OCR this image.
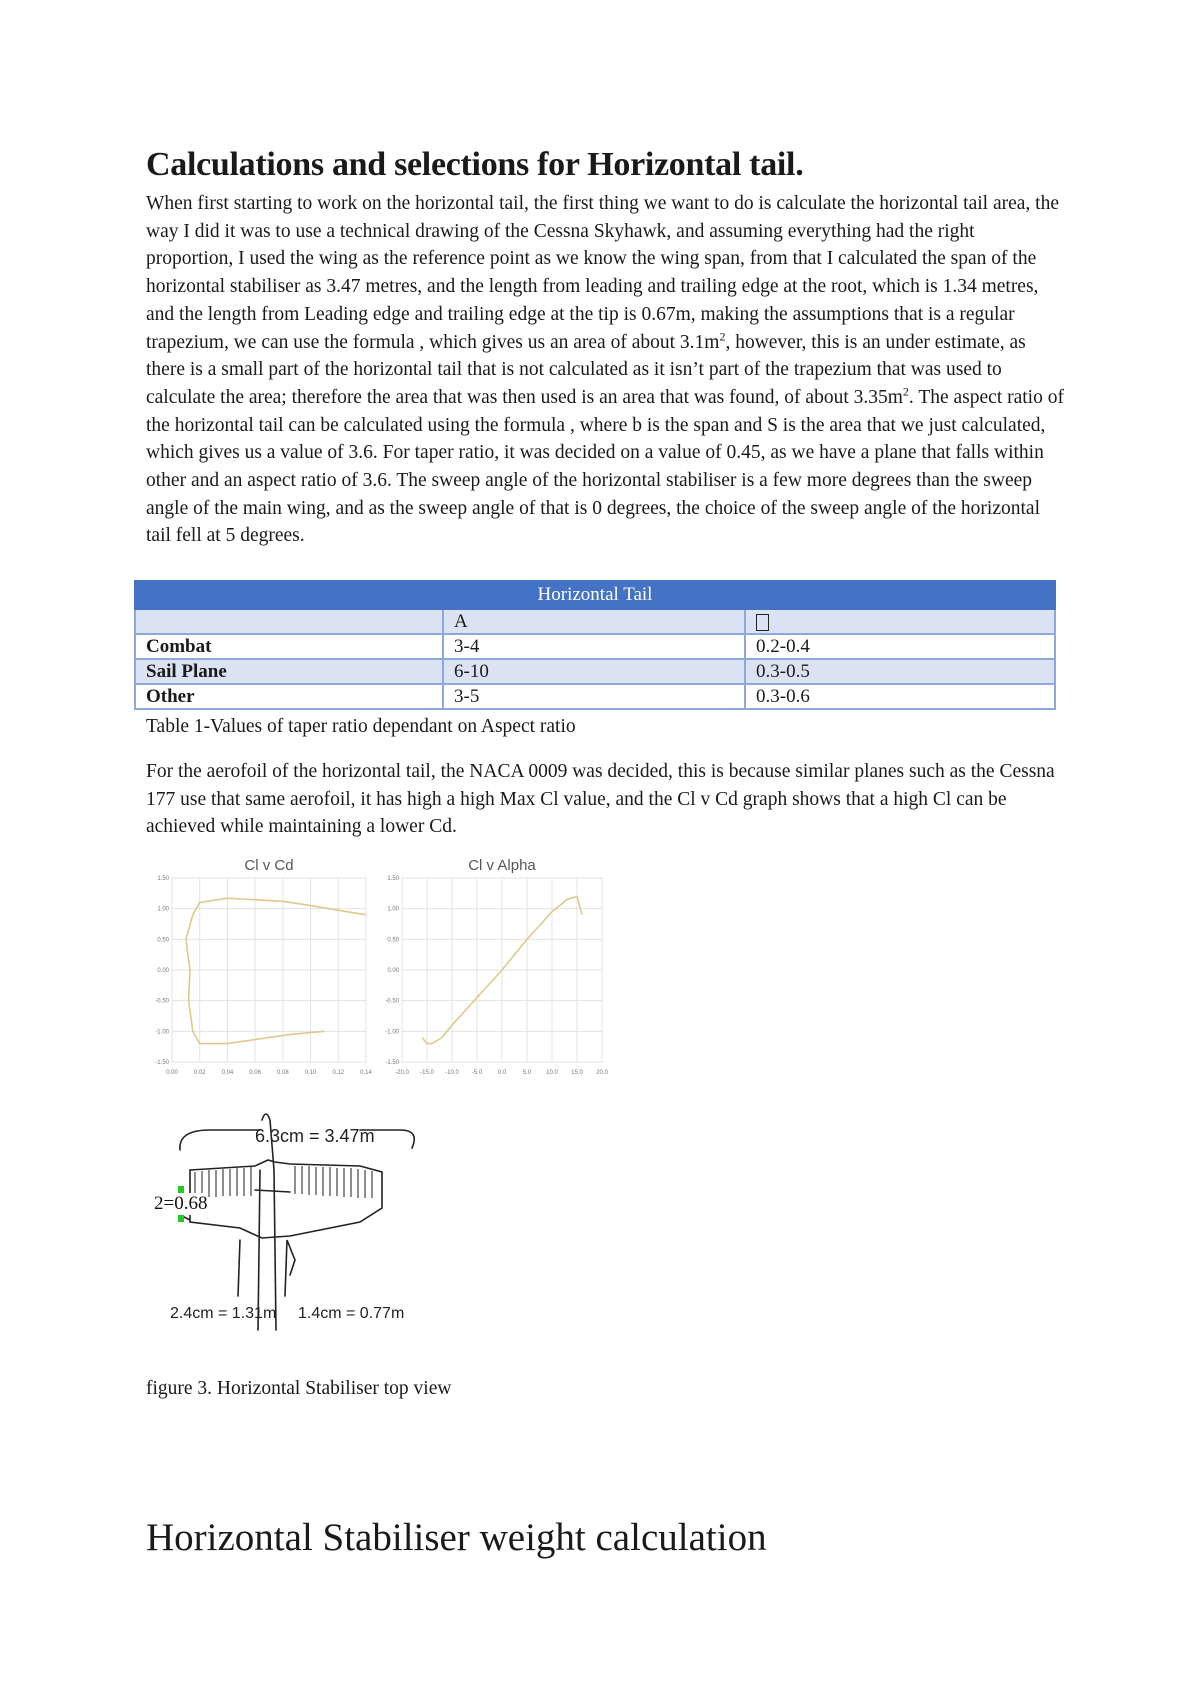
Calculations and selections for Horizontal tail.

When first starting to work on the horizontal tail, the first thing we want to do is calculate the horizontal tail area, the way I did it was to use a technical drawing of the Cessna Skyhawk, and assuming everything had the right proportion, I used the wing as the reference point as we know the wing span, from that I calculated the span of the horizontal stabiliser as 3.47 metres, and the length from leading and trailing edge at the root, which is 1.34 metres, and the length from Leading edge and trailing edge at the tip is 0.67m, making the assumptions that is a regular trapezium, we can use the formula , which gives us an area of about $3.1m^2$, however, this is an under estimate, as there is a small part of the horizontal tail that is not calculated as it isn’t part of the trapezium that was used to calculate the area; therefore the area that was then used is an area that was found, of about $3.35m^2$. The aspect ratio of the horizontal tail can be calculated using the formula , where b is the span and S is the area that we just calculated, which gives us a value of 3.6. For taper ratio, it was decided on a value of 0.45, as we have a plane that falls within other and an aspect ratio of 3.6. The sweep angle of the horizontal stabiliser is a few more degrees than the sweep angle of the main wing, and as the sweep angle of that is 0 degrees, the choice of the sweep angle of the horizontal tail fell at 5 degrees.

Horizontal Tail		
	A	
Combat	3-4	0.2-0.4
Sail Plane	6-10	0.3-0.5
Other	3-5	0.3-0.6
Table 1-Values of taper ratio dependant on Aspect ratio

For the aerofoil of the horizontal tail, the NACA 0009 was decided, this is because similar planes such as the Cessna 177 use that same aerofoil, it has high a high Max Cl value, and the Cl v Cd graph shows that a high Cl can be achieved while maintaining a lower Cd.

Cl v Cd
0.00	0.02	0.04	0.06	0.08	0.10	0.12	0.14
1.50
1.00
0.50
0.00
-0.50
-1.00
-1.50
Cl v Alpha
-20.0 -15.0 -10.0 -5.0	0.0	5.0 10.0 15.0 20.0
1.50
1.00
0.50
0.00
-0.50
-1.00
-1.50
6.3cm = 3.47m
2.4cm = 1.31m 1.4cm = 0.77m
2=0.68
figure 3. Horizontal Stabiliser top view
Horizontal Stabiliser weight calculation
